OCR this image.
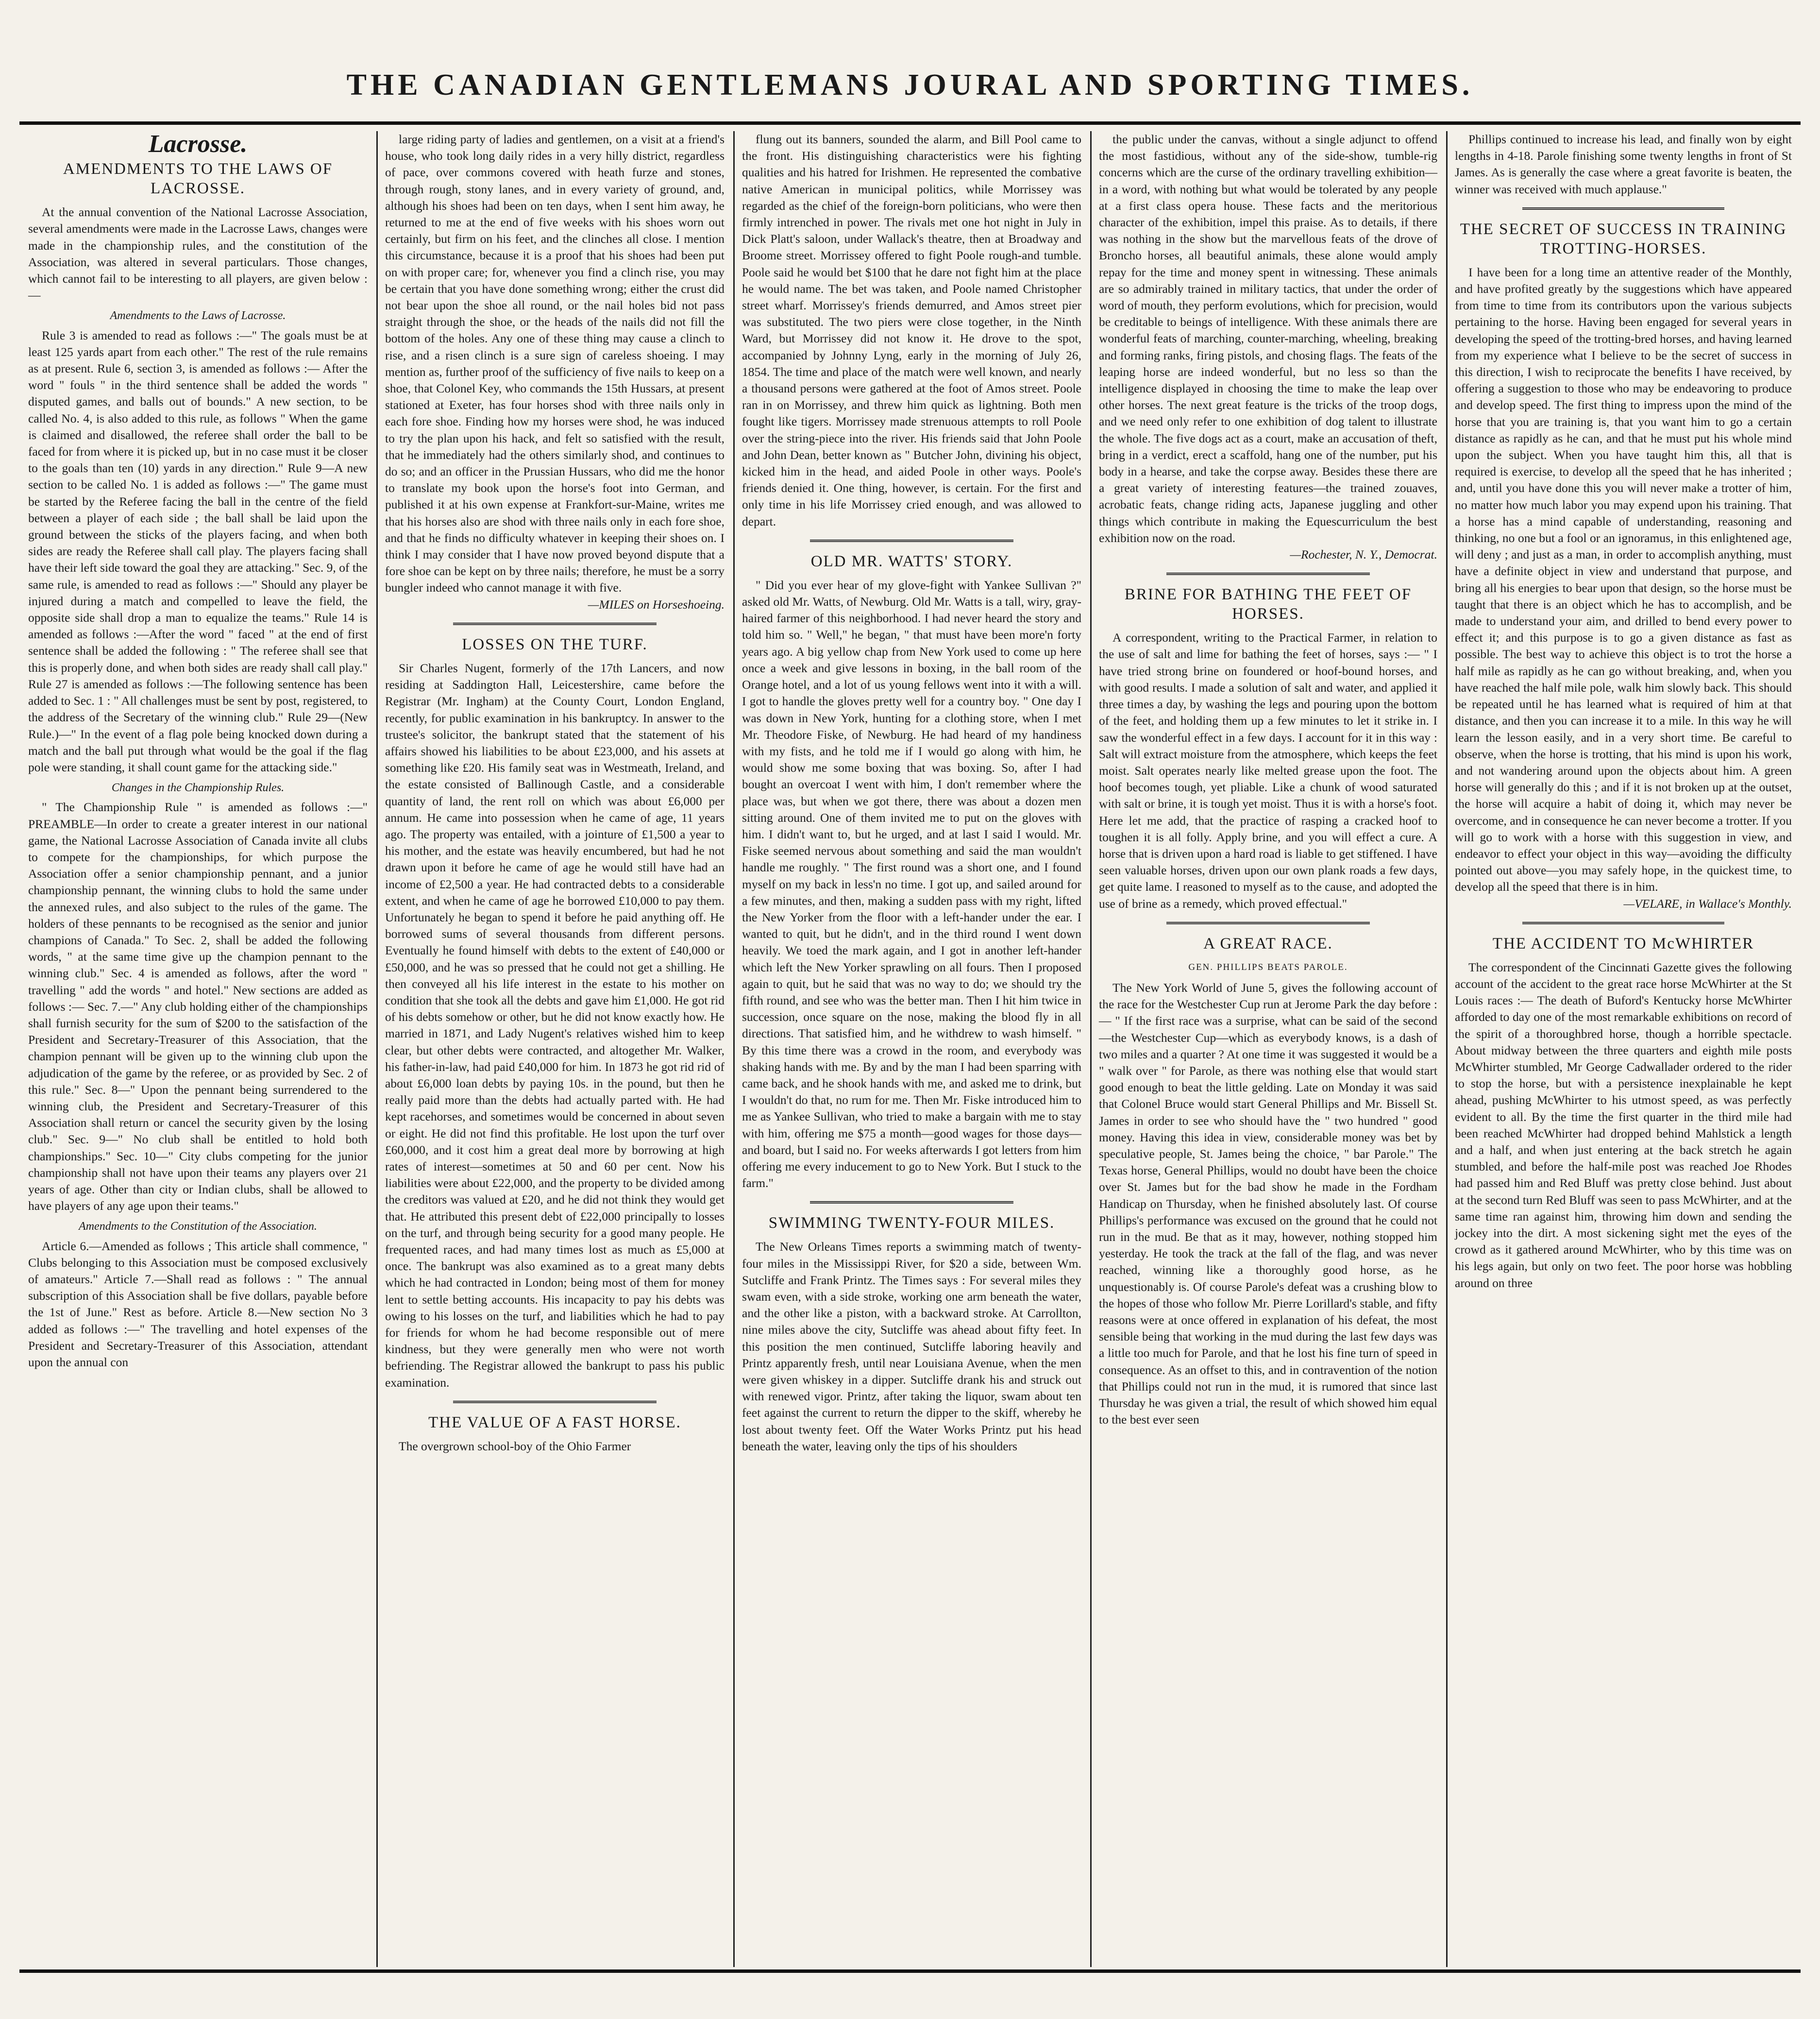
THE CANADIAN GENTLEMANS JOURAL AND SPORTING TIMES.
Lacrosse.
AMENDMENTS TO THE LAWS OF LACROSSE.

At the annual convention of the National Lacrosse Association, several amendments were made in the Lacrosse Laws, changes were made in the championship rules, and the constitution of the Association, was altered in several particulars. Those changes, which cannot fail to be interesting to all players, are given below :—

Amendments to the Laws of Lacrosse.

Rule 3 is amended to read as follows :—" The goals must be at least 125 yards apart from each other." The rest of the rule remains as at present. Rule 6, section 3, is amended as follows :— After the word " fouls " in the third sentence shall be added the words " disputed games, and balls out of bounds." A new section, to be called No. 4, is also added to this rule, as follows " When the game is claimed and disallowed, the referee shall order the ball to be faced for from where it is picked up, but in no case must it be closer to the goals than ten (10) yards in any direction." Rule 9—A new section to be called No. 1 is added as follows :—" The game must be started by the Referee facing the ball in the centre of the field between a player of each side ; the ball shall be laid upon the ground between the sticks of the players facing, and when both sides are ready the Referee shall call play. The players facing shall have their left side toward the goal they are attacking." Sec. 9, of the same rule, is amended to read as follows :—" Should any player be injured during a match and compelled to leave the field, the opposite side shall drop a man to equalize the teams." Rule 14 is amended as follows :—After the word " faced " at the end of first sentence shall be added the following : " The referee shall see that this is properly done, and when both sides are ready shall call play." Rule 27 is amended as follows :—The following sentence has been added to Sec. 1 : " All challenges must be sent by post, registered, to the address of the Secretary of the winning club." Rule 29—(New Rule.)—" In the event of a flag pole being knocked down during a match and the ball put through what would be the goal if the flag pole were standing, it shall count game for the attacking side."

Changes in the Championship Rules.

" The Championship Rule " is amended as follows :—" PREAMBLE—In order to create a greater interest in our national game, the National Lacrosse Association of Canada invite all clubs to compete for the championships, for which purpose the Association offer a senior championship pennant, and a junior championship pennant, the winning clubs to hold the same under the annexed rules, and also subject to the rules of the game. The holders of these pennants to be recognised as the senior and junior champions of Canada." To Sec. 2, shall be added the following words, " at the same time give up the champion pennant to the winning club." Sec. 4 is amended as follows, after the word " travelling " add the words " and hotel." New sections are added as follows :— Sec. 7.—" Any club holding either of the championships shall furnish security for the sum of $200 to the satisfaction of the President and Secretary-Treasurer of this Association, that the champion pennant will be given up to the winning club upon the adjudication of the game by the referee, or as provided by Sec. 2 of this rule." Sec. 8—" Upon the pennant being surrendered to the winning club, the President and Secretary-Treasurer of this Association shall return or cancel the security given by the losing club." Sec. 9—" No club shall be entitled to hold both championships." Sec. 10—" City clubs competing for the junior championship shall not have upon their teams any players over 21 years of age. Other than city or Indian clubs, shall be allowed to have players of any age upon their teams."

Amendments to the Constitution of the Association.

Article 6.—Amended as follows ; This article shall commence, " Clubs belonging to this Association must be composed exclusively of amateurs." Article 7.—Shall read as follows : " The annual subscription of this Association shall be five dollars, payable before the 1st of June." Rest as before. Article 8.—New section No 3 added as follows :—" The travelling and hotel expenses of the President and Secretary-Treasurer of this Association, attendant upon the annual con

large riding party of ladies and gentlemen, on a visit at a friend's house, who took long daily rides in a very hilly district, regardless of pace, over commons covered with heath furze and stones, through rough, stony lanes, and in every variety of ground, and, although his shoes had been on ten days, when I sent him away, he returned to me at the end of five weeks with his shoes worn out certainly, but firm on his feet, and the clinches all close. I mention this circumstance, because it is a proof that his shoes had been put on with proper care; for, whenever you find a clinch rise, you may be certain that you have done something wrong; either the crust did not bear upon the shoe all round, or the nail holes bid not pass straight through the shoe, or the heads of the nails did not fill the bottom of the holes. Any one of these thing may cause a clinch to rise, and a risen clinch is a sure sign of careless shoeing. I may mention as, further proof of the sufficiency of five nails to keep on a shoe, that Colonel Key, who commands the 15th Hussars, at present stationed at Exeter, has four horses shod with three nails only in each fore shoe. Finding how my horses were shod, he was induced to try the plan upon his hack, and felt so satisfied with the result, that he immediately had the others similarly shod, and continues to do so; and an officer in the Prussian Hussars, who did me the honor to translate my book upon the horse's foot into German, and published it at his own expense at Frankfort-sur-Maine, writes me that his horses also are shod with three nails only in each fore shoe, and that he finds no difficulty whatever in keeping their shoes on. I think I may consider that I have now proved beyond dispute that a fore shoe can be kept on by three nails; therefore, he must be a sorry bungler indeed who cannot manage it with five.

—MILES on Horseshoeing.

LOSSES ON THE TURF.

Sir Charles Nugent, formerly of the 17th Lancers, and now residing at Saddington Hall, Leicestershire, came before the Registrar (Mr. Ingham) at the County Court, London England, recently, for public examination in his bankruptcy. In answer to the trustee's solicitor, the bankrupt stated that the statement of his affairs showed his liabilities to be about £23,000, and his assets at something like £20. His family seat was in Westmeath, Ireland, and the estate consisted of Ballinough Castle, and a considerable quantity of land, the rent roll on which was about £6,000 per annum. He came into possession when he came of age, 11 years ago. The property was entailed, with a jointure of £1,500 a year to his mother, and the estate was heavily encumbered, but had he not drawn upon it before he came of age he would still have had an income of £2,500 a year. He had contracted debts to a considerable extent, and when he came of age he borrowed £10,000 to pay them. Unfortunately he began to spend it before he paid anything off. He borrowed sums of several thousands from different persons. Eventually he found himself with debts to the extent of £40,000 or £50,000, and he was so pressed that he could not get a shilling. He then conveyed all his life interest in the estate to his mother on condition that she took all the debts and gave him £1,000. He got rid of his debts somehow or other, but he did not know exactly how. He married in 1871, and Lady Nugent's relatives wished him to keep clear, but other debts were contracted, and altogether Mr. Walker, his father-in-law, had paid £40,000 for him. In 1873 he got rid rid of about £6,000 loan debts by paying 10s. in the pound, but then he really paid more than the debts had actually parted with. He had kept racehorses, and sometimes would be concerned in about seven or eight. He did not find this profitable. He lost upon the turf over £60,000, and it cost him a great deal more by borrowing at high rates of interest—sometimes at 50 and 60 per cent. Now his liabilities were about £22,000, and the property to be divided among the creditors was valued at £20, and he did not think they would get that. He attributed this present debt of £22,000 principally to losses on the turf, and through being security for a good many people. He frequented races, and had many times lost as much as £5,000 at once. The bankrupt was also examined as to a great many debts which he had contracted in London; being most of them for money lent to settle betting accounts. His incapacity to pay his debts was owing to his losses on the turf, and liabilities which he had to pay for friends for whom he had become responsible out of mere kindness, but they were generally men who were not worth befriending. The Registrar allowed the bankrupt to pass his public examination.

THE VALUE OF A FAST HORSE.

The overgrown school-boy of the Ohio Farmer

flung out its banners, sounded the alarm, and Bill Pool came to the front. His distinguishing characteristics were his fighting qualities and his hatred for Irishmen. He represented the combative native American in municipal politics, while Morrissey was regarded as the chief of the foreign-born politicians, who were then firmly intrenched in power. The rivals met one hot night in July in Dick Platt's saloon, under Wallack's theatre, then at Broadway and Broome street. Morrissey offered to fight Poole rough-and tumble. Poole said he would bet $100 that he dare not fight him at the place he would name. The bet was taken, and Poole named Christopher street wharf. Morrissey's friends demurred, and Amos street pier was substituted. The two piers were close together, in the Ninth Ward, but Morrissey did not know it. He drove to the spot, accompanied by Johnny Lyng, early in the morning of July 26, 1854. The time and place of the match were well known, and nearly a thousand persons were gathered at the foot of Amos street. Poole ran in on Morrissey, and threw him quick as lightning. Both men fought like tigers. Morrissey made strenuous attempts to roll Poole over the string-piece into the river. His friends said that John Poole and John Dean, better known as " Butcher John, divining his object, kicked him in the head, and aided Poole in other ways. Poole's friends denied it. One thing, however, is certain. For the first and only time in his life Morrissey cried enough, and was allowed to depart.

OLD MR. WATTS' STORY.

" Did you ever hear of my glove-fight with Yankee Sullivan ?" asked old Mr. Watts, of Newburg. Old Mr. Watts is a tall, wiry, gray-haired farmer of this neighborhood. I had never heard the story and told him so. " Well," he began, " that must have been more'n forty years ago. A big yellow chap from New York used to come up here once a week and give lessons in boxing, in the ball room of the Orange hotel, and a lot of us young fellows went into it with a will. I got to handle the gloves pretty well for a country boy. " One day I was down in New York, hunting for a clothing store, when I met Mr. Theodore Fiske, of Newburg. He had heard of my handiness with my fists, and he told me if I would go along with him, he would show me some boxing that was boxing. So, after I had bought an overcoat I went with him, I don't remember where the place was, but when we got there, there was about a dozen men sitting around. One of them invited me to put on the gloves with him. I didn't want to, but he urged, and at last I said I would. Mr. Fiske seemed nervous about something and said the man wouldn't handle me roughly. " The first round was a short one, and I found myself on my back in less'n no time. I got up, and sailed around for a few minutes, and then, making a sudden pass with my right, lifted the New Yorker from the floor with a left-hander under the ear. I wanted to quit, but he didn't, and in the third round I went down heavily. We toed the mark again, and I got in another left-hander which left the New Yorker sprawling on all fours. Then I proposed again to quit, but he said that was no way to do; we should try the fifth round, and see who was the better man. Then I hit him twice in succession, once square on the nose, making the blood fly in all directions. That satisfied him, and he withdrew to wash himself. " By this time there was a crowd in the room, and everybody was shaking hands with me. By and by the man I had been sparring with came back, and he shook hands with me, and asked me to drink, but I wouldn't do that, no rum for me. Then Mr. Fiske introduced him to me as Yankee Sullivan, who tried to make a bargain with me to stay with him, offering me $75 a month—good wages for those days—and board, but I said no. For weeks afterwards I got letters from him offering me every inducement to go to New York. But I stuck to the farm."

SWIMMING TWENTY-FOUR MILES.

The New Orleans Times reports a swimming match of twenty-four miles in the Mississippi River, for $20 a side, between Wm. Sutcliffe and Frank Printz. The Times says : For several miles they swam even, with a side stroke, working one arm beneath the water, and the other like a piston, with a backward stroke. At Carrollton, nine miles above the city, Sutcliffe was ahead about fifty feet. In this position the men continued, Sutcliffe laboring heavily and Printz apparently fresh, until near Louisiana Avenue, when the men were given whiskey in a dipper. Sutcliffe drank his and struck out with renewed vigor. Printz, after taking the liquor, swam about ten feet against the current to return the dipper to the skiff, whereby he lost about twenty feet. Off the Water Works Printz put his head beneath the water, leaving only the tips of his shoulders

the public under the canvas, without a single adjunct to offend the most fastidious, without any of the side-show, tumble-rig concerns which are the curse of the ordinary travelling exhibition—in a word, with nothing but what would be tolerated by any people at a first class opera house. These facts and the meritorious character of the exhibition, impel this praise. As to details, if there was nothing in the show but the marvellous feats of the drove of Broncho horses, all beautiful animals, these alone would amply repay for the time and money spent in witnessing. These animals are so admirably trained in military tactics, that under the order of word of mouth, they perform evolutions, which for precision, would be creditable to beings of intelligence. With these animals there are wonderful feats of marching, counter-marching, wheeling, breaking and forming ranks, firing pistols, and chosing flags. The feats of the leaping horse are indeed wonderful, but no less so than the intelligence displayed in choosing the time to make the leap over other horses. The next great feature is the tricks of the troop dogs, and we need only refer to one exhibition of dog talent to illustrate the whole. The five dogs act as a court, make an accusation of theft, bring in a verdict, erect a scaffold, hang one of the number, put his body in a hearse, and take the corpse away. Besides these there are a great variety of interesting features—the trained zouaves, acrobatic feats, change riding acts, Japanese juggling and other things which contribute in making the Equescurriculum the best exhibition now on the road.

—Rochester, N. Y., Democrat.

BRINE FOR BATHING THE FEET OF HORSES.

A correspondent, writing to the Practical Farmer, in relation to the use of salt and lime for bathing the feet of horses, says :— " I have tried strong brine on foundered or hoof-bound horses, and with good results. I made a solution of salt and water, and applied it three times a day, by washing the legs and pouring upon the bottom of the feet, and holding them up a few minutes to let it strike in. I saw the wonderful effect in a few days. I account for it in this way : Salt will extract moisture from the atmosphere, which keeps the feet moist. Salt operates nearly like melted grease upon the foot. The hoof becomes tough, yet pliable. Like a chunk of wood saturated with salt or brine, it is tough yet moist. Thus it is with a horse's foot. Here let me add, that the practice of rasping a cracked hoof to toughen it is all folly. Apply brine, and you will effect a cure. A horse that is driven upon a hard road is liable to get stiffened. I have seen valuable horses, driven upon our own plank roads a few days, get quite lame. I reasoned to myself as to the cause, and adopted the use of brine as a remedy, which proved effectual."

A GREAT RACE.
GEN. PHILLIPS BEATS PAROLE.

The New York World of June 5, gives the following account of the race for the Westchester Cup run at Jerome Park the day before :— " If the first race was a surprise, what can be said of the second—the Westchester Cup—which as everybody knows, is a dash of two miles and a quarter ? At one time it was suggested it would be a " walk over " for Parole, as there was nothing else that would start good enough to beat the little gelding. Late on Monday it was said that Colonel Bruce would start General Phillips and Mr. Bissell St. James in order to see who should have the " two hundred " good money. Having this idea in view, considerable money was bet by speculative people, St. James being the choice, " bar Parole." The Texas horse, General Phillips, would no doubt have been the choice over St. James but for the bad show he made in the Fordham Handicap on Thursday, when he finished absolutely last. Of course Phillips's performance was excused on the ground that he could not run in the mud. Be that as it may, however, nothing stopped him yesterday. He took the track at the fall of the flag, and was never reached, winning like a thoroughly good horse, as he unquestionably is. Of course Parole's defeat was a crushing blow to the hopes of those who follow Mr. Pierre Lorillard's stable, and fifty reasons were at once offered in explanation of his defeat, the most sensible being that working in the mud during the last few days was a little too much for Parole, and that he lost his fine turn of speed in consequence. As an offset to this, and in contravention of the notion that Phillips could not run in the mud, it is rumored that since last Thursday he was given a trial, the result of which showed him equal to the best ever seen

Phillips continued to increase his lead, and finally won by eight lengths in 4-18. Parole finishing some twenty lengths in front of St James. As is generally the case where a great favorite is beaten, the winner was received with much applause."

THE SECRET OF SUCCESS IN TRAINING TROTTING-HORSES.

I have been for a long time an attentive reader of the Monthly, and have profited greatly by the suggestions which have appeared from time to time from its contributors upon the various subjects pertaining to the horse. Having been engaged for several years in developing the speed of the trotting-bred horses, and having learned from my experience what I believe to be the secret of success in this direction, I wish to reciprocate the benefits I have received, by offering a suggestion to those who may be endeavoring to produce and develop speed. The first thing to impress upon the mind of the horse that you are training is, that you want him to go a certain distance as rapidly as he can, and that he must put his whole mind upon the subject. When you have taught him this, all that is required is exercise, to develop all the speed that he has inherited ; and, until you have done this you will never make a trotter of him, no matter how much labor you may expend upon his training. That a horse has a mind capable of understanding, reasoning and thinking, no one but a fool or an ignoramus, in this enlightened age, will deny ; and just as a man, in order to accomplish anything, must have a definite object in view and understand that purpose, and bring all his energies to bear upon that design, so the horse must be taught that there is an object which he has to accomplish, and be made to understand your aim, and drilled to bend every power to effect it; and this purpose is to go a given distance as fast as possible. The best way to achieve this object is to trot the horse a half mile as rapidly as he can go without breaking, and, when you have reached the half mile pole, walk him slowly back. This should be repeated until he has learned what is required of him at that distance, and then you can increase it to a mile. In this way he will learn the lesson easily, and in a very short time. Be careful to observe, when the horse is trotting, that his mind is upon his work, and not wandering around upon the objects about him. A green horse will generally do this ; and if it is not broken up at the outset, the horse will acquire a habit of doing it, which may never be overcome, and in consequence he can never become a trotter. If you will go to work with a horse with this suggestion in view, and endeavor to effect your object in this way—avoiding the difficulty pointed out above—you may safely hope, in the quickest time, to develop all the speed that there is in him.

—VELARE, in Wallace's Monthly.

THE ACCIDENT TO McWHIRTER

The correspondent of the Cincinnati Gazette gives the following account of the accident to the great race horse McWhirter at the St Louis races :— The death of Buford's Kentucky horse McWhirter afforded to day one of the most remarkable exhibitions on record of the spirit of a thoroughbred horse, though a horrible spectacle. About midway between the three quarters and eighth mile posts McWhirter stumbled, Mr George Cadwallader ordered to the rider to stop the horse, but with a persistence inexplainable he kept ahead, pushing McWhirter to his utmost speed, as was perfectly evident to all. By the time the first quarter in the third mile had been reached McWhirter had dropped behind Mahlstick a length and a half, and when just entering at the back stretch he again stumbled, and before the half-mile post was reached Joe Rhodes had passed him and Red Bluff was pretty close behind. Just about at the second turn Red Bluff was seen to pass McWhirter, and at the same time ran against him, throwing him down and sending the jockey into the dirt. A most sickening sight met the eyes of the crowd as it gathered around McWhirter, who by this time was on his legs again, but only on two feet. The poor horse was hobbling around on three
